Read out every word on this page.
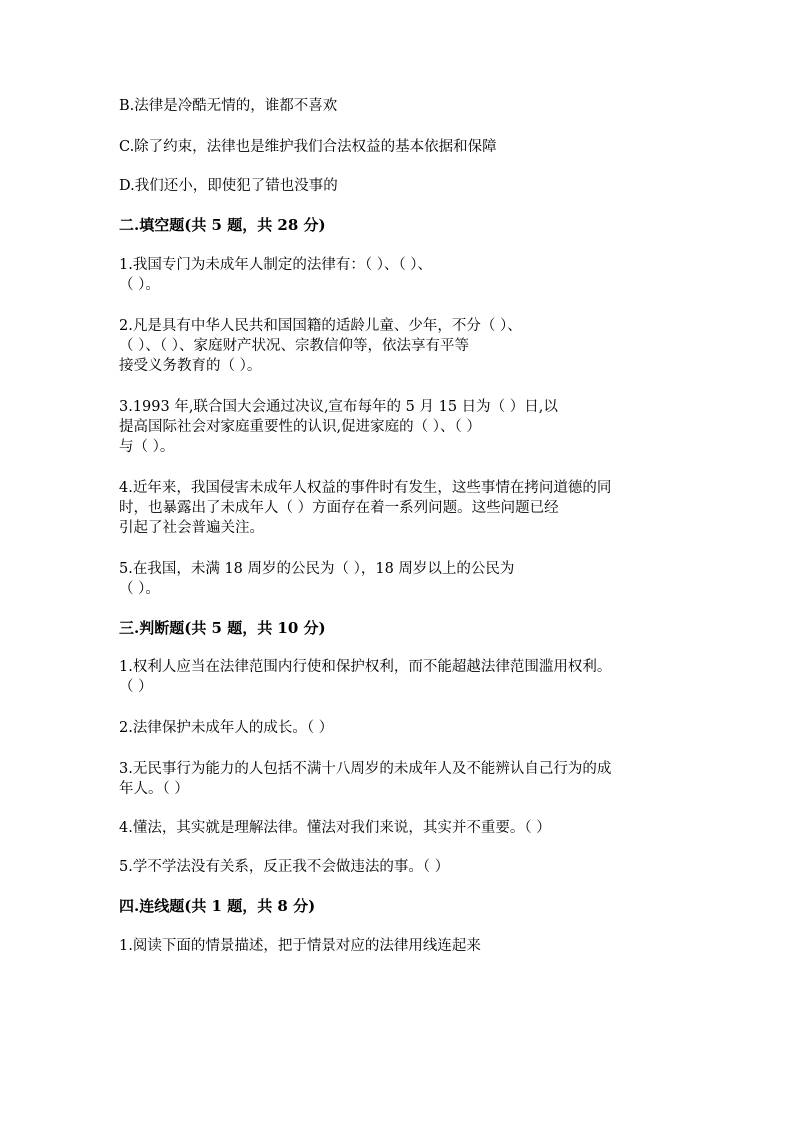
B.法律是冷酷无情的，谁都不喜欢
C.除了约束，法律也是维护我们合法权益的基本依据和保障
D.我们还小，即使犯了错也没事的
二.填空题(共 5 题，共 28 分)
1.我国专门为未成年人制定的法律有：（ ）、（ ）、
（ ）。
2.凡是具有中华人民共和国国籍的适龄儿童、少年，不分（ ）、
（ ）、（ ）、家庭财产状况、宗教信仰等，依法享有平等
接受义务教育的（ ）。
3.1993 年,联合国大会通过决议,宣布每年的 5 月 15 日为（ ）日,以
提高国际社会对家庭重要性的认识,促进家庭的（ ）、（ ）
与（ ）。
4.近年来，我国侵害未成年人权益的事件时有发生，这些事情在拷问道德的同
时，也暴露出了未成年人（ ）方面存在着一系列问题。这些问题已经
引起了社会普遍关注。
5.在我国，未满 18 周岁的公民为（ ），18 周岁以上的公民为
（ ）。
三.判断题(共 5 题，共 10 分)
1.权利人应当在法律范围内行使和保护权利，而不能超越法律范围滥用权利。
（ ）
2.法律保护未成年人的成长。（ ）
3.无民事行为能力的人包括不满十八周岁的未成年人及不能辨认自己行为的成
年人。（ ）
4.懂法，其实就是理解法律。懂法对我们来说，其实并不重要。（ ）
5.学不学法没有关系，反正我不会做违法的事。（ ）
四.连线题(共 1 题，共 8 分)
1.阅读下面的情景描述，把于情景对应的法律用线连起来
